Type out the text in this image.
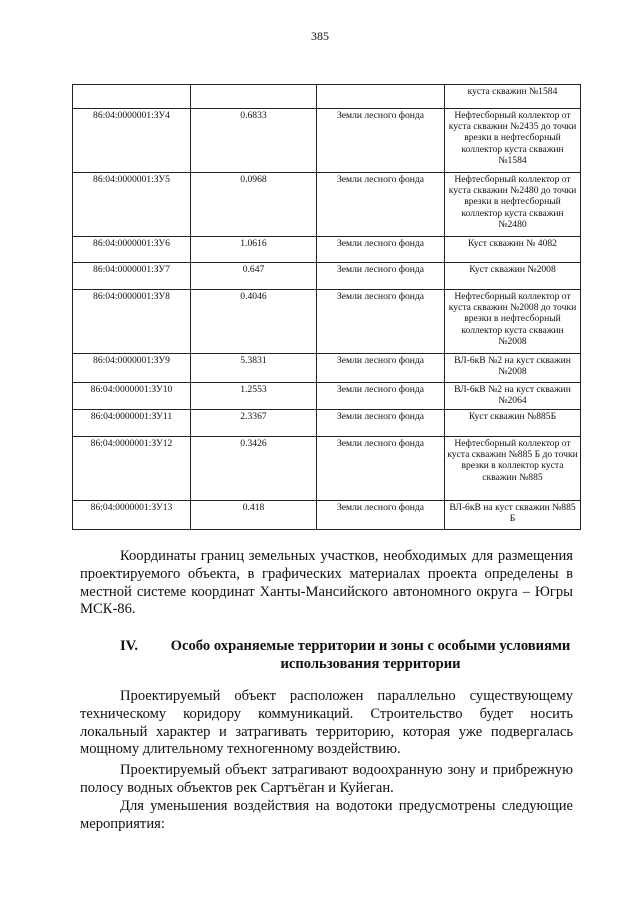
385
			куста скважин №1584
86:04:0000001:ЗУ4	0.6833	Земли лесного фонда	Нефтесборный коллектор от куста скважин №2435 до точки врезки в нефтесборный коллектор куста скважин №1584
86:04:0000001:ЗУ5	0.0968	Земли лесного фонда	Нефтесборный коллектор от куста скважин №2480 до точки врезки в нефтесборный коллектор куста скважин №2480
86:04:0000001:ЗУ6	1.0616	Земли лесного фонда	Куст скважин № 4082
86:04:0000001:ЗУ7	0.647	Земли лесного фонда	Куст скважин №2008
86:04:0000001:ЗУ8	0.4046	Земли лесного фонда	Нефтесборный коллектор от куста скважин №2008 до точки врезки в нефтесборный коллектор куста скважин №2008
86:04:0000001:ЗУ9	5.3831	Земли лесного фонда	ВЛ-6кВ №2 на куст скважин №2008
86:04:0000001:ЗУ10	1.2553	Земли лесного фонда	ВЛ-6кВ №2 на куст скважин №2064
86:04:0000001:ЗУ11	2.3367	Земли лесного фонда	Куст скважин №885Б
86:04:0000001:ЗУ12	0.3426	Земли лесного фонда	Нефтесборный коллектор от куста скважин №885 Б до точки врезки в коллектор куста скважин №885
86:04:0000001:ЗУ13	0.418	Земли лесного фонда	ВЛ-6кВ на куст скважин №885 Б
Координаты границ земельных участков, необходимых для размещения проектируемого объекта, в графических материалах проекта определены в местной системе координат Ханты-Мансийского автономного округа – Югры МСК-86.
IV.	Особо охраняемые территории и зоны с особыми условиями использования территории
Проектируемый объект расположен параллельно существующему техническому коридору коммуникаций. Строительство будет носить локальный характер и затрагивать территорию, которая уже подвергалась мощному длительному техногенному воздействию.
Проектируемый объект затрагивают водоохранную зону и прибрежную полосу водных объектов рек Сартъёган и Куйеган.
Для уменьшения воздействия на водотоки предусмотрены следующие мероприятия:
